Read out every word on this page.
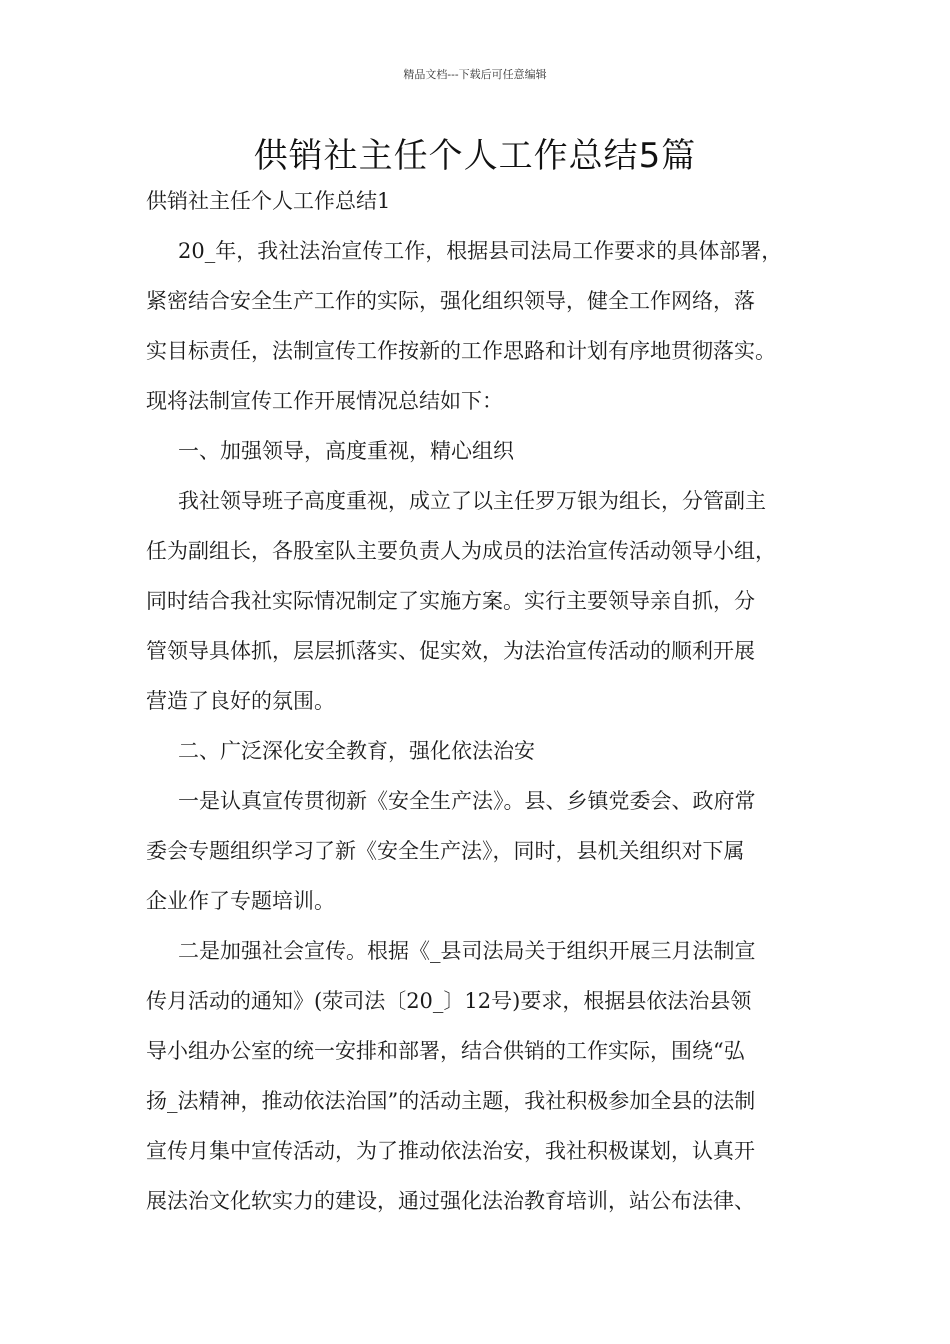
精品文档---下载后可任意编辑
供销社主任个人工作总结5篇
供销社主任个人工作总结1
20_年，我社法治宣传工作，根据县司法局工作要求的具体部署，
紧密结合安全生产工作的实际，强化组织领导，健全工作网络，落
实目标责任，法制宣传工作按新的工作思路和计划有序地贯彻落实。
现将法制宣传工作开展情况总结如下：
一、加强领导，高度重视，精心组织
我社领导班子高度重视，成立了以主任罗万银为组长，分管副主
任为副组长，各股室队主要负责人为成员的法治宣传活动领导小组，
同时结合我社实际情况制定了实施方案。实行主要领导亲自抓，分
管领导具体抓，层层抓落实、促实效，为法治宣传活动的顺利开展
营造了良好的氛围。
二、广泛深化安全教育，强化依法治安
一是认真宣传贯彻新《安全生产法》。县、乡镇党委会、政府常
委会专题组织学习了新《安全生产法》，同时，县机关组织对下属
企业作了专题培训。
二是加强社会宣传。根据《_县司法局关于组织开展三月法制宣
传月活动的通知》(荥司法〔20_〕12号)要求，根据县依法治县领
导小组办公室的统一安排和部署，结合供销的工作实际，围绕“弘
扬_法精神，推动依法治国”的活动主题，我社积极参加全县的法制
宣传月集中宣传活动，为了推动依法治安，我社积极谋划，认真开
展法治文化软实力的建设，通过强化法治教育培训，站公布法律、
